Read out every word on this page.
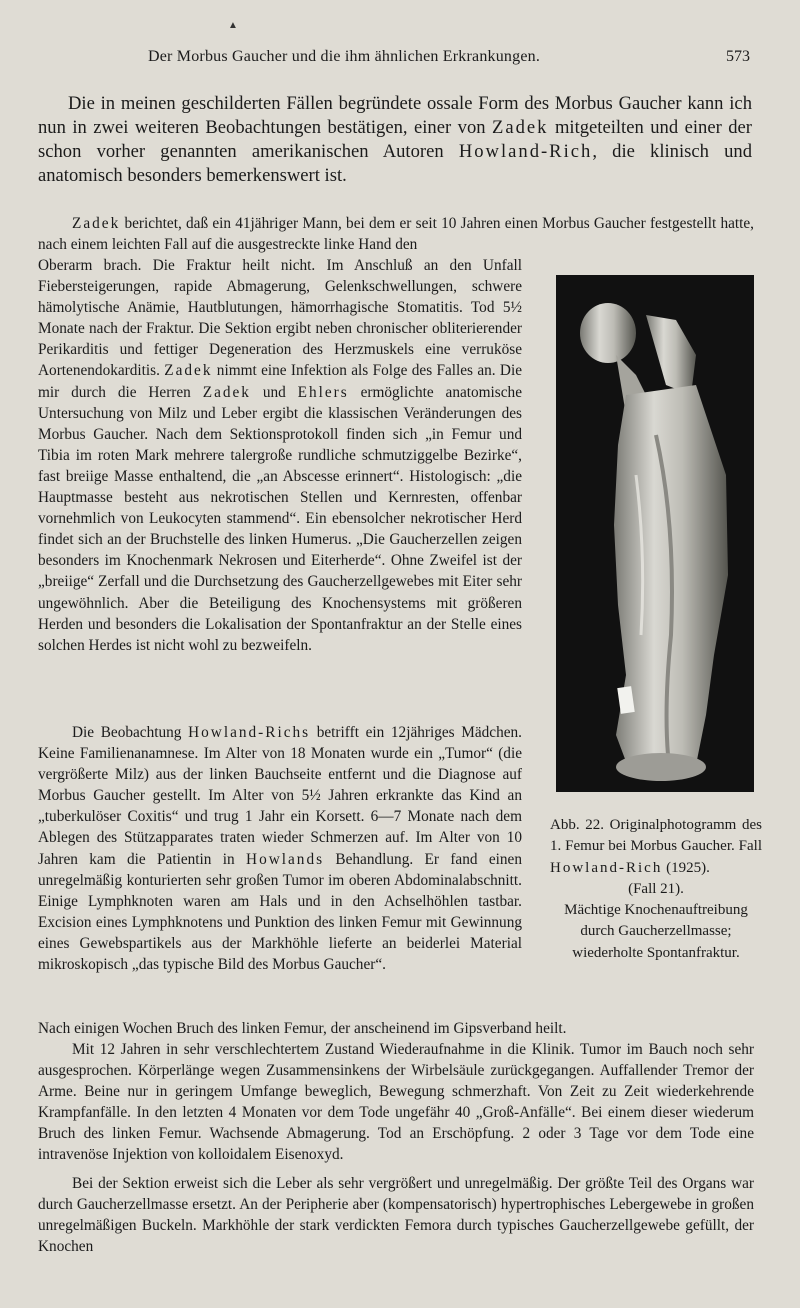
▲
Der Morbus Gaucher und die ihm ähnlichen Erkrankungen.	573

Die in meinen geschilderten Fällen begründete ossale Form des Morbus Gaucher kann ich nun in zwei weiteren Beobachtungen bestätigen, einer von Zadek mitgeteilten und einer der schon vorher genannten amerikanischen Autoren Howland-Rich, die klinisch und anatomisch besonders bemerkenswert ist.

Zadek berichtet, daß ein 41jähriger Mann, bei dem er seit 10 Jahren einen Morbus Gaucher festgestellt hatte, nach einem leichten Fall auf die ausgestreckte linke Hand den

Oberarm brach. Die Fraktur heilt nicht. Im Anschluß an den Unfall Fiebersteigerungen, rapide Abmagerung, Gelenkschwellungen, schwere hämolytische Anämie, Hautblutungen, hämorrhagische Stomatitis. Tod 5½ Monate nach der Fraktur. Die Sektion ergibt neben chronischer obliterierender Perikarditis und fettiger Degeneration des Herzmuskels eine verruköse Aortenendokarditis. Zadek nimmt eine Infektion als Folge des Falles an. Die mir durch die Herren Zadek und Ehlers ermöglichte anatomische Untersuchung von Milz und Leber ergibt die klassischen Veränderungen des Morbus Gaucher. Nach dem Sektionsprotokoll finden sich „in Femur und Tibia im roten Mark mehrere talergroße rundliche schmutziggelbe Bezirke“, fast breiige Masse enthaltend, die „an Abscesse erinnert“. Histologisch: „die Hauptmasse besteht aus nekrotischen Stellen und Kernresten, offenbar vornehmlich von Leukocyten stammend“. Ein ebensolcher nekrotischer Herd findet sich an der Bruchstelle des linken Humerus. „Die Gaucherzellen zeigen besonders im Knochenmark Nekrosen und Eiterherde“. Ohne Zweifel ist der „breiige“ Zerfall und die Durchsetzung des Gaucherzellgewebes mit Eiter sehr ungewöhnlich. Aber die Beteiligung des Knochensystems mit größeren Herden und besonders die Lokalisation der Spontanfraktur an der Stelle eines solchen Herdes ist nicht wohl zu bezweifeln.

Die Beobachtung Howland-Richs betrifft ein 12jähriges Mädchen. Keine Familienanamnese. Im Alter von 18 Monaten wurde ein „Tumor“ (die vergrößerte Milz) aus der linken Bauchseite entfernt und die Diagnose auf Morbus Gaucher gestellt. Im Alter von 5½ Jahren erkrankte das Kind an „tuberkulöser Coxitis“ und trug 1 Jahr ein Korsett. 6—7 Monate nach dem Ablegen des Stützapparates traten wieder Schmerzen auf. Im Alter von 10 Jahren kam die Patientin in Howlands Behandlung. Er fand einen unregelmäßig konturierten sehr großen Tumor im oberen Abdominalabschnitt. Einige Lymphknoten waren am Hals und in den Achselhöhlen tastbar. Excision eines Lymphknotens und Punktion des linken Femur mit Gewinnung eines Gewebspartikels aus der Markhöhle lieferte an beiderlei Material mikroskopisch „das typische Bild des Morbus Gaucher“.

Abb. 22. Originalphotogramm des 1. Femur bei Morbus Gaucher. Fall Howland-Rich (1925).

(Fall 21).

Mächtige Knochenauftreibung durch Gaucherzellmasse; wiederholte Spontanfraktur.

Nach einigen Wochen Bruch des linken Femur, der anscheinend im Gipsverband heilt.

Mit 12 Jahren in sehr verschlechtertem Zustand Wiederaufnahme in die Klinik. Tumor im Bauch noch sehr ausgesprochen. Körperlänge wegen Zusammensinkens der Wirbelsäule zurückgegangen. Auffallender Tremor der Arme. Beine nur in geringem Umfange beweglich, Bewegung schmerzhaft. Von Zeit zu Zeit wiederkehrende Krampfanfälle. In den letzten 4 Monaten vor dem Tode ungefähr 40 „Groß-Anfälle“. Bei einem dieser wiederum Bruch des linken Femur. Wachsende Abmagerung. Tod an Erschöpfung. 2 oder 3 Tage vor dem Tode eine intravenöse Injektion von kolloidalem Eisenoxyd.

Bei der Sektion erweist sich die Leber als sehr vergrößert und unregelmäßig. Der größte Teil des Organs war durch Gaucherzellmasse ersetzt. An der Peripherie aber (kompensatorisch) hypertrophisches Lebergewebe in großen unregelmäßigen Buckeln. Markhöhle der stark verdickten Femora durch typisches Gaucherzellgewebe gefüllt, der Knochen
